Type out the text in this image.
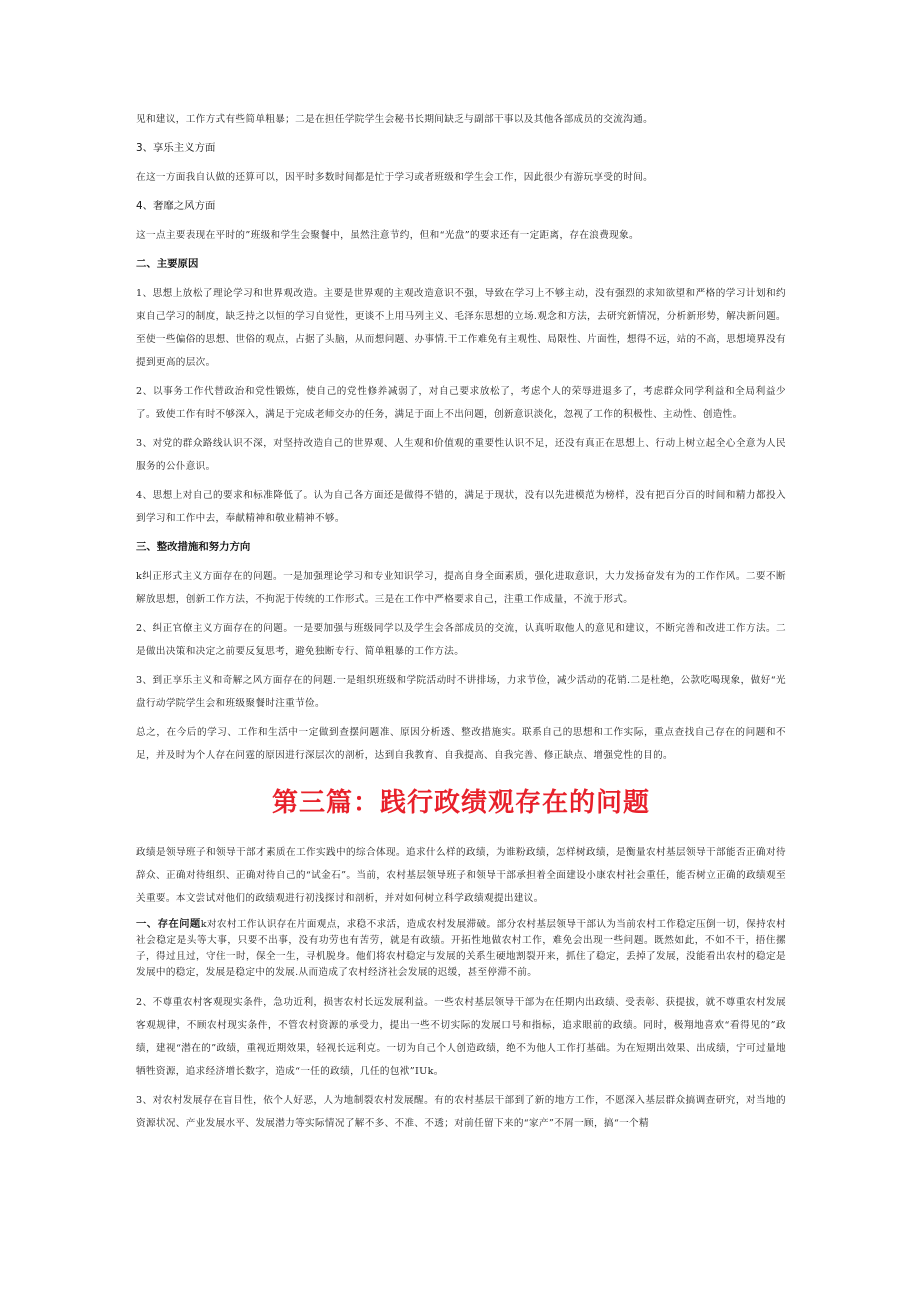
见和建议，工作方式有些简单粗暴；二是在担任学院学生会秘书长期间缺乏与副部干事以及其他各部成员的交流沟通。

3、享乐主义方面

在这一方面我自认做的还算可以，因平时多数时间都是忙于学习或者班级和学生会工作，因此很少有游玩享受的时间。

4、奢靡之风方面

这一点主要表现在平时的”班级和学生会聚餐中，虽然注意节约，但和“光盘”的要求还有一定距离，存在浪费现象。

二、主要原因

1、思想上放松了理论学习和世界观改造。主要是世界观的主观改造意识不强，导致在学习上不够主动，没有强烈的求知欲望和严格的学习计划和约束自己学习的制度，缺乏持之以恒的学习自觉性，更谈不上用马列主义、毛泽东思想的立场.观念和方法，去研究新情况，分析新形势，解决新问题。至使一些偏俗的思想、世俗的观点，占据了头脑，从而想问题、办事情.干工作难免有主观性、局限性、片面性，想得不远，站的不高，思想境界没有提到更高的层次。

2、以事务工作代替政治和党性锻炼，使自己的党性修养减弱了，对自己要求放松了，考虑个人的荣辱进退多了，考虑群众同学利益和全局利益少了。致使工作有时不够深入，满足于完成老师交办的任务，满足于面上不出问题，创新意识淡化，忽视了工作的积极性、主动性、创造性。

3、对党的群众路线认识不深，对坚持改造自己的世界观、人生观和价值观的重要性认识不足，还没有真正在思想上、行动上树立起全心全意为人民服务的公仆意识。

4、思想上对自己的要求和标准降低了。认为自己各方面还是做得不错的，满足于现状，没有以先进模范为榜样，没有把百分百的时间和精力都投入到学习和工作中去，奉献精神和敬业精神不够。

三、整改措施和努力方向

k纠正形式主义方面存在的问题。一是加强理论学习和专业知识学习，提高自身全面素质，强化进取意识，大力发扬奋发有为的工作作风。二要不断解放思想，创新工作方法，不拘泥于传统的工作形式。三是在工作中严格要求自己，注重工作成量，不流于形式。

2、纠正官僚主义方面存在的问题。一是要加强与班级同学以及学生会各部成员的交流，认真听取他人的意见和建议，不断完善和改进工作方法。二是做出决策和决定之前要反复思考，避免独断专行、简单粗暴的工作方法。

3、到正享乐主义和奇解之风方面存在的问题.一是组织班级和学院活动时不讲排场，力求节俭，减少活动的花销.二是杜绝，公款吃喝现象，做好“光盘行动学院学生会和班级聚餐时注重节俭。

总之，在今后的学习、工作和生活中一定做到查摆问题准、原因分析透、整改措施实。联系自己的思想和工作实际，重点查找自己存在的问题和不足，并及时为个人存在问霆的原因进行深层次的剖析，达到自我教育、自我提高、自我完善、修正缺点、增强党性的目的。

第三篇：践行政绩观存在的问题

政绩是领导班子和领导干部才素质在工作实践中的综合体现。追求什么样的政绩，为谁粉政绩，怎样树政绩，是衡量农村基层领导干部能否正确对待辞众、正确对待组织、正确对待自己的“试金石”。当前，农村基层领导班子和领导干部承担着全面建设小康农村社会重任，能否树立正确的政绩观至关重要。本文尝试对他们的政绩观进行初浅探讨和剖析，并对如何树立科学政绩观提出建议。

一、存在问题k对农村工作认识存在片面观点，求稳不求活，造成农村发展滞破。部分农村基层领导干部认为当前农村工作稳定压倒一切，保持农村社会稳定是头等大事，只要不出事，没有功劳也有苦劳，就是有政绩。开拓性地做农村工作，难免会出现一些问题。既然如此，不如不干，捂住摞子，得过且过，守住一时，保全一生，寻机脱身。他们将农村稳定与发展的关系生硬地割裂开来，抓住了稳定，丢掉了发展，没能看出农村的稳定是发展中的稳定，发展是稳定中的发展.从而造成了农村经济社会发展的迟缓，甚至停滞不前。

2、不尊重农村客观现实条件，急功近利，损害农村长远发展利益。一些农村基层领导干部为在任期内出政绩、受表彰、获提拔，就不尊重农村发展客观规律，不顾农村现实条件，不管农村资源的承受力，提出一些不切实际的发展口号和指标，追求眼前的政绩。同时，极翔地喜欢“看得见的”政绩，建视“潜在的”政绩，重视近期效果，轻视长远利克。一切为自己个人创造政绩，绝不为他人工作打基础。为在短期出效果、出成绩，宁可过量地牺牲资源，追求经济增长数字，造成“一任的政绩，几任的包袱”IUk。

3、对农村发展存在盲目性，依个人好恶，人为地制裂农村发展醒。有的农村基层干部到了新的地方工作，不愿深入基层群众搞调查研究，对当地的资源状况、产业发展水平、发展潜力等实际情况了解不多、不准、不透；对前任留下来的“家产”不屑一顾，搞“一个精
